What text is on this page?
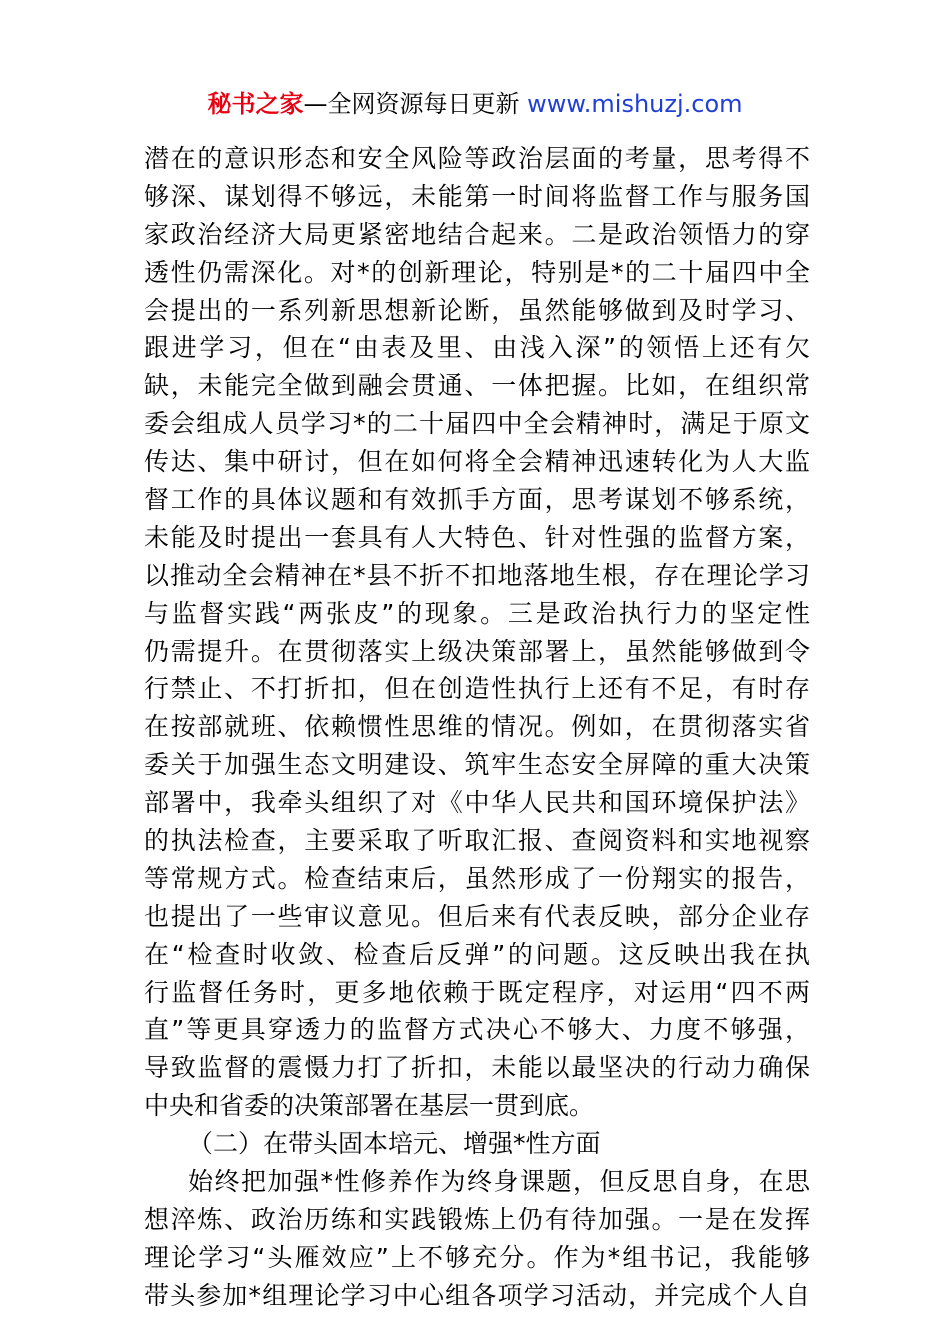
秘书之家—全网资源每日更新 www.mishuzj.com
潜在的意识形态和安全风险等政治层面的考量，思考得不
够深、谋划得不够远，未能第一时间将监督工作与服务国
家政治经济大局更紧密地结合起来。二是政治领悟力的穿
透性仍需深化。对*的创新理论，特别是*的二十届四中全
会提出的一系列新思想新论断，虽然能够做到及时学习、
跟进学习，但在“由表及里、由浅入深”的领悟上还有欠
缺，未能完全做到融会贯通、一体把握。比如，在组织常
委会组成人员学习*的二十届四中全会精神时，满足于原文
传达、集中研讨，但在如何将全会精神迅速转化为人大监
督工作的具体议题和有效抓手方面，思考谋划不够系统，
未能及时提出一套具有人大特色、针对性强的监督方案，
以推动全会精神在*县不折不扣地落地生根，存在理论学习
与监督实践“两张皮”的现象。三是政治执行力的坚定性
仍需提升。在贯彻落实上级决策部署上，虽然能够做到令
行禁止、不打折扣，但在创造性执行上还有不足，有时存
在按部就班、依赖惯性思维的情况。例如，在贯彻落实省
委关于加强生态文明建设、筑牢生态安全屏障的重大决策
部署中，我牵头组织了对《中华人民共和国环境保护法》
的执法检查，主要采取了听取汇报、查阅资料和实地视察
等常规方式。检查结束后，虽然形成了一份翔实的报告，
也提出了一些审议意见。但后来有代表反映，部分企业存
在“检查时收敛、检查后反弹”的问题。这反映出我在执
行监督任务时，更多地依赖于既定程序，对运用“四不两
直”等更具穿透力的监督方式决心不够大、力度不够强，
导致监督的震慑力打了折扣，未能以最坚决的行动力确保
中央和省委的决策部署在基层一贯到底。
（二）在带头固本培元、增强*性方面
始终把加强*性修养作为终身课题，但反思自身，在思
想淬炼、政治历练和实践锻炼上仍有待加强。一是在发挥
理论学习“头雁效应”上不够充分。作为*组书记，我能够
带头参加*组理论学习中心组各项学习活动，并完成个人自
